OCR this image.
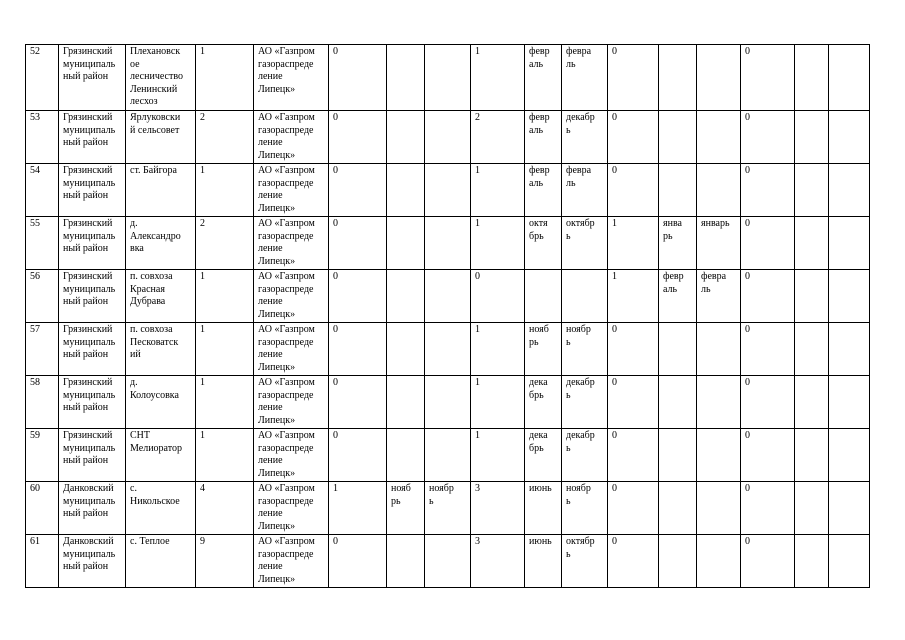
52	Грязинский
муниципаль
ный район	Плехановск
ое
лесничество
Ленинский
лесхоз	1	АО «Газпром
газораспреде
ление
Липецк»	0			1	февр
аль	февра
ль	0			0		
53	Грязинский
муниципаль
ный район	Ярлуковски
й сельсовет	2	АО «Газпром
газораспреде
ление
Липецк»	0			2	февр
аль	декабр
ь	0			0		
54	Грязинский
муниципаль
ный район	ст. Байгора	1	АО «Газпром
газораспреде
ление
Липецк»	0			1	февр
аль	февра
ль	0			0		
55	Грязинский
муниципаль
ный район	д.
Александро
вка	2	АО «Газпром
газораспреде
ление
Липецк»	0			1	октя
брь	октябр
ь	1	янва
рь	январь	0		
56	Грязинский
муниципаль
ный район	п. совхоза
Красная
Дубрава	1	АО «Газпром
газораспреде
ление
Липецк»	0			0			1	февр
аль	февра
ль	0		
57	Грязинский
муниципаль
ный район	п. совхоза
Песковатск
ий	1	АО «Газпром
газораспреде
ление
Липецк»	0			1	нояб
рь	ноябр
ь	0			0		
58	Грязинский
муниципаль
ный район	д.
Колоусовка	1	АО «Газпром
газораспреде
ление
Липецк»	0			1	дека
брь	декабр
ь	0			0		
59	Грязинский
муниципаль
ный район	СНТ
Мелиоратор	1	АО «Газпром
газораспреде
ление
Липецк»	0			1	дека
брь	декабр
ь	0			0		
60	Данковский
муниципаль
ный район	с.
Никольское	4	АО «Газпром
газораспреде
ление
Липецк»	1	нояб
рь	ноябр
ь	3	июнь	ноябр
ь	0			0		
61	Данковский
муниципаль
ный район	с. Теплое	9	АО «Газпром
газораспреде
ление
Липецк»	0			3	июнь	октябр
ь	0			0		
